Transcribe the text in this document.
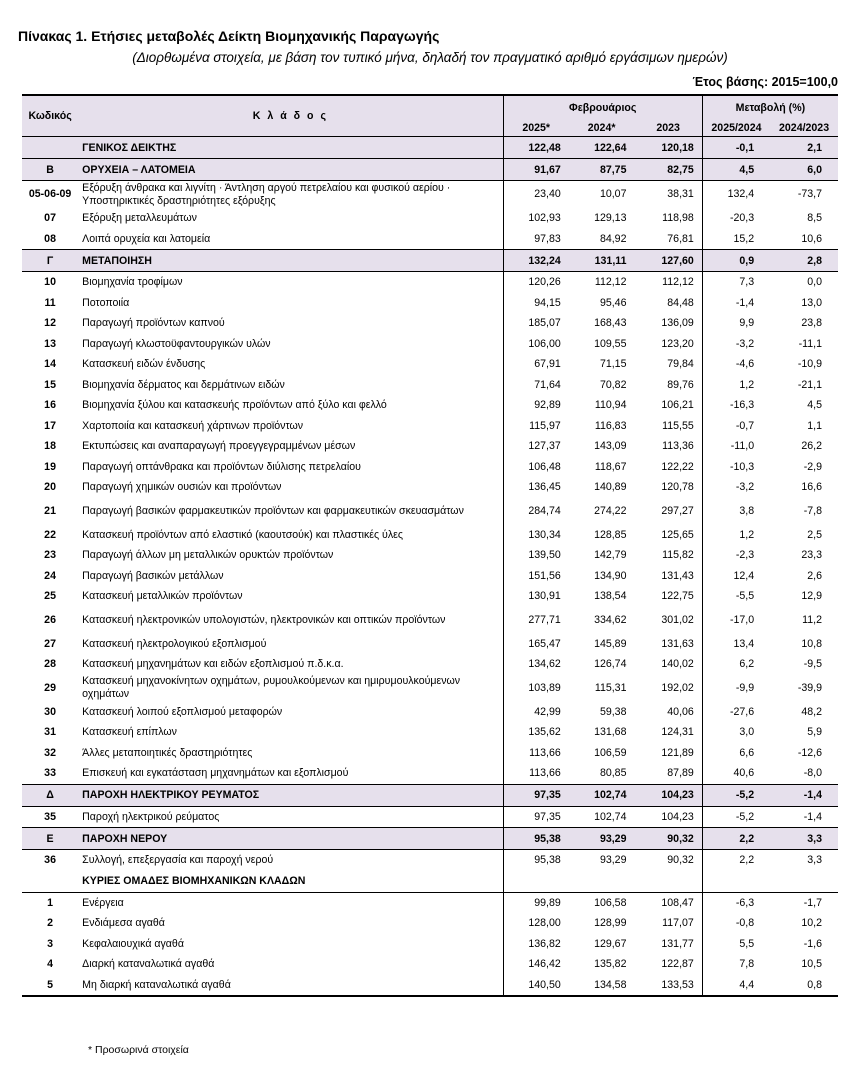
Πίνακας 1. Ετήσιες μεταβολές Δείκτη Βιομηχανικής Παραγωγής
(Διορθωμένα στοιχεία, με βάση τον τυπικό μήνα, δηλαδή τον πραγματικό αριθμό εργάσιμων ημερών)
Έτος βάσης: 2015=100,0
Κωδικός	Κ λ ά δ ο ς	Φεβρουάριος			Μεταβολή (%)	
		2025*	2024*	2023	2025/2024	2024/2023
	ΓΕΝΙΚΟΣ ΔΕΙΚΤΗΣ	122,48	122,64	120,18	-0,1	2,1
B	ΟΡΥΧΕΙΑ – ΛΑΤΟΜΕΙΑ	91,67	87,75	82,75	4,5	6,0
05-06-09	Εξόρυξη άνθρακα και λιγνίτη · Άντληση αργού πετρελαίου και φυσικού αερίου · Υποστηρικτικές δραστηριότητες εξόρυξης	23,40	10,07	38,31	132,4	-73,7
07	Εξόρυξη μεταλλευμάτων	102,93	129,13	118,98	-20,3	8,5
08	Λοιπά ορυχεία και λατομεία	97,83	84,92	76,81	15,2	10,6
Γ	ΜΕΤΑΠΟΙΗΣΗ	132,24	131,11	127,60	0,9	2,8
10	Βιομηχανία τροφίμων	120,26	112,12	112,12	7,3	0,0
11	Ποτοποιία	94,15	95,46	84,48	-1,4	13,0
12	Παραγωγή προϊόντων καπνού	185,07	168,43	136,09	9,9	23,8
13	Παραγωγή κλωστοϋφαντουργικών υλών	106,00	109,55	123,20	-3,2	-11,1
14	Κατασκευή ειδών ένδυσης	67,91	71,15	79,84	-4,6	-10,9
15	Βιομηχανία δέρματος και δερμάτινων ειδών	71,64	70,82	89,76	1,2	-21,1
16	Βιομηχανία ξύλου και κατασκευής προϊόντων από ξύλο και φελλό	92,89	110,94	106,21	-16,3	4,5
17	Χαρτοποιία και κατασκευή χάρτινων προϊόντων	115,97	116,83	115,55	-0,7	1,1
18	Εκτυπώσεις και αναπαραγωγή προεγγεγραμμένων μέσων	127,37	143,09	113,36	-11,0	26,2
19	Παραγωγή οπτάνθρακα και προϊόντων διύλισης πετρελαίου	106,48	118,67	122,22	-10,3	-2,9
20	Παραγωγή χημικών ουσιών και προϊόντων	136,45	140,89	120,78	-3,2	16,6
21	Παραγωγή βασικών φαρμακευτικών προϊόντων και φαρμακευτικών σκευασμάτων	284,74	274,22	297,27	3,8	-7,8
22	Κατασκευή προϊόντων από ελαστικό (καουτσούκ) και πλαστικές ύλες	130,34	128,85	125,65	1,2	2,5
23	Παραγωγή άλλων μη μεταλλικών ορυκτών προϊόντων	139,50	142,79	115,82	-2,3	23,3
24	Παραγωγή βασικών μετάλλων	151,56	134,90	131,43	12,4	2,6
25	Κατασκευή μεταλλικών προϊόντων	130,91	138,54	122,75	-5,5	12,9
26	Κατασκευή ηλεκτρονικών υπολογιστών, ηλεκτρονικών και οπτικών προϊόντων	277,71	334,62	301,02	-17,0	11,2
27	Κατασκευή ηλεκτρολογικού εξοπλισμού	165,47	145,89	131,63	13,4	10,8
28	Κατασκευή μηχανημάτων και ειδών εξοπλισμού π.δ.κ.α.	134,62	126,74	140,02	6,2	-9,5
29	Κατασκευή μηχανοκίνητων οχημάτων, ρυμουλκούμενων και ημιρυμουλκούμενων οχημάτων	103,89	115,31	192,02	-9,9	-39,9
30	Κατασκευή λοιπού εξοπλισμού μεταφορών	42,99	59,38	40,06	-27,6	48,2
31	Κατασκευή επίπλων	135,62	131,68	124,31	3,0	5,9
32	Άλλες μεταποιητικές δραστηριότητες	113,66	106,59	121,89	6,6	-12,6
33	Επισκευή και εγκατάσταση μηχανημάτων και εξοπλισμού	113,66	80,85	87,89	40,6	-8,0
Δ	ΠΑΡΟΧΗ ΗΛΕΚΤΡΙΚΟΥ ΡΕΥΜΑΤΟΣ	97,35	102,74	104,23	-5,2	-1,4
35	Παροχή ηλεκτρικού ρεύματος	97,35	102,74	104,23	-5,2	-1,4
Ε	ΠΑΡΟΧΗ ΝΕΡΟΥ	95,38	93,29	90,32	2,2	3,3
36	Συλλογή, επεξεργασία και παροχή νερού	95,38	93,29	90,32	2,2	3,3
	ΚΥΡΙΕΣ ΟΜΑΔΕΣ ΒΙΟΜΗΧΑΝΙΚΩΝ ΚΛΑΔΩΝ					
1	Ενέργεια	99,89	106,58	108,47	-6,3	-1,7
2	Ενδιάμεσα αγαθά	128,00	128,99	117,07	-0,8	10,2
3	Κεφαλαιουχικά αγαθά	136,82	129,67	131,77	5,5	-1,6
4	Διαρκή καταναλωτικά αγαθά	146,42	135,82	122,87	7,8	10,5
5	Μη διαρκή καταναλωτικά αγαθά	140,50	134,58	133,53	4,4	0,8
* Προσωρινά στοιχεία
